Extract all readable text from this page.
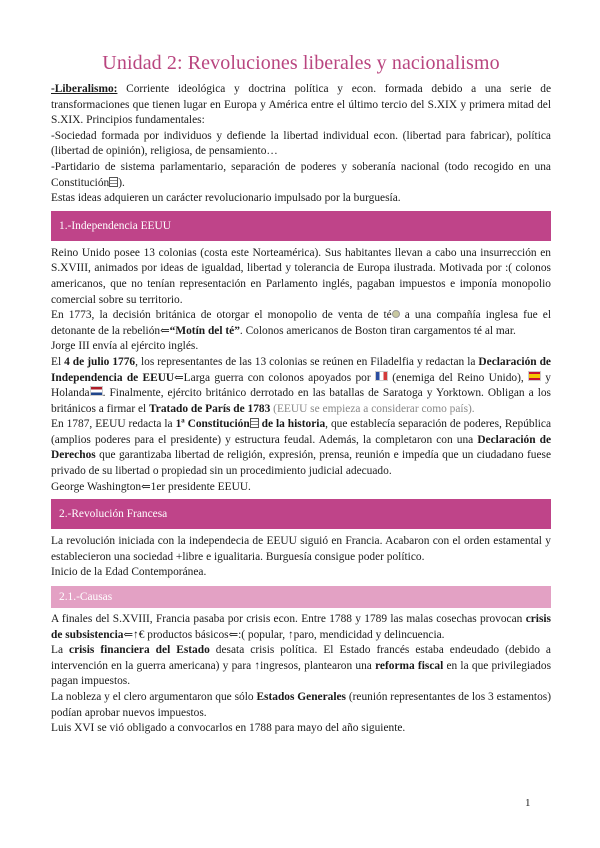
Unidad 2: Revoluciones liberales y nacionalismo

-Liberalismo: Corriente ideológica y doctrina política y econ. formada debido a una serie de transformaciones que tienen lugar en Europa y América entre el último tercio del S.XIX y primera mitad del S.XIX. Principios fundamentales:

-Sociedad formada por individuos y defiende la libertad individual econ. (libertad para fabricar), política (libertad de opinión), religiosa, de pensamiento…

-Partidario de sistema parlamentario, separación de poderes y soberanía nacional (todo recogido en una Constitución ).

Estas ideas adquieren un carácter revolucionario impulsado por la burguesía.

1.-Independencia EEUU

Reino Unido posee 13 colonias (costa este Norteamérica). Sus habitantes llevan a cabo una insurrección en S.XVIII, animados por ideas de igualdad, libertad y tolerancia de Europa ilustrada. Motivada por :( colonos americanos, que no tenían representación en Parlamento inglés, pagaban impuestos e imponía monopolio comercial sobre su territorio.

En 1773, la decisión británica de otorgar el monopolio de venta de té a una compañía inglesa fue el detonante de la rebelión⇐“Motín del té”. Colonos americanos de Boston tiran cargamentos té al mar.

Jorge III envía al ejército inglés.

El 4 de julio 1776, los representantes de las 13 colonias se reúnen en Filadelfia y redactan la Declaración de Independencia de EEUU⇐Larga guerra con colonos apoyados por  (enemiga del Reino Unido),  y Holanda . Finalmente, ejército británico derrotado en las batallas de Saratoga y Yorktown. Obligan a los británicos a firmar el Tratado de París de 1783 (EEUU se empieza a considerar como país).

En 1787, EEUU redacta la 1ª Constitución de la historia, que establecía separación de poderes, República (amplios poderes para el presidente) y estructura feudal. Además, la completaron con una Declaración de Derechos que garantizaba libertad de religión, expresión, prensa, reunión e impedía que un ciudadano fuese privado de su libertad o propiedad sin un procedimiento judicial adecuado.

George Washington⇐1er presidente EEUU.

2.-Revolución Francesa

La revolución iniciada con la independecia de EEUU siguió en Francia. Acabaron con el orden estamental y establecieron una sociedad +libre e igualitaria. Burguesía consigue poder político.

Inicio de la Edad Contemporánea.

2.1.-Causas

A finales del S.XVIII, Francia pasaba por crisis econ. Entre 1788 y 1789 las malas cosechas provocan crisis de subsistencia⇐↑€ productos básicos⇐:( popular, ↑paro, mendicidad y delincuencia.

La crisis financiera del Estado desata crisis política. El Estado francés estaba endeudado (debido a intervención en la guerra americana) y para ↑ingresos, plantearon una reforma fiscal en la que privilegiados pagan impuestos.

La nobleza y el clero argumentaron que sólo Estados Generales (reunión representantes de los 3 estamentos) podían aprobar nuevos impuestos.

Luis XVI se vió obligado a convocarlos en 1788 para mayo del año siguiente.

1
